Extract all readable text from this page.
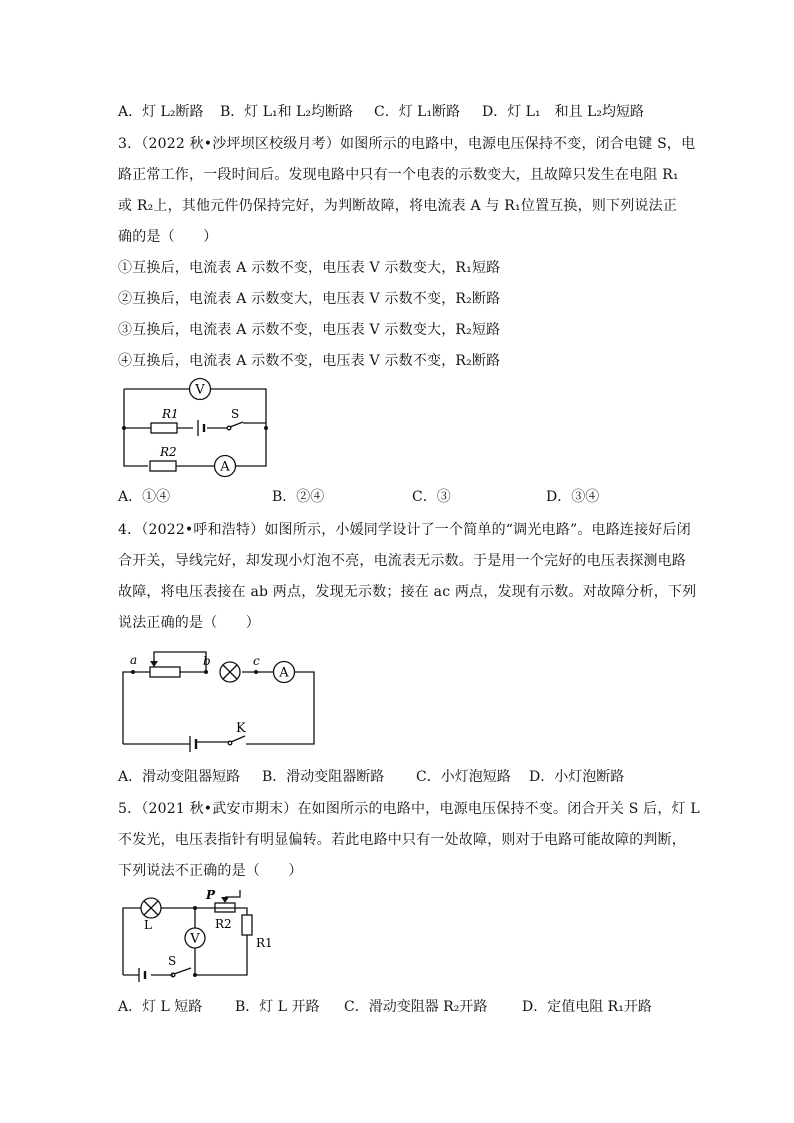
A．灯 L₂断路 B．灯 L₁和 L₂均断路 C．灯 L₁断路 D．灯 L₁　和且 L₂均短路
3．（2022 秋•沙坪坝区校级月考）如图所示的电路中，电源电压保持不变，闭合电键 S，电
路正常工作，一段时间后。发现电路中只有一个电表的示数变大，且故障只发生在电阻 R₁
或 R₂上，其他元件仍保持完好，为判断故障，将电流表 A 与 R₁位置互换，则下列说法正
确的是（　　）
①互换后，电流表 A 示数不变，电压表 V 示数变大，R₁短路
②互换后，电流表 A 示数变大，电压表 V 示数不变，R₂断路
③互换后，电流表 A 示数不变，电压表 V 示数变大，R₂短路
④互换后，电流表 A 示数不变，电压表 V 示数不变，R₂断路
V
R1	S
R2
A
A．①④	B．②④	C．③	D．③④
4．（2022•呼和浩特）如图所示，小媛同学设计了一个简单的“调光电路”。电路连接好后闭
合开关，导线完好，却发现小灯泡不亮，电流表无示数。于是用一个完好的电压表探测电路
故障，将电压表接在 ab 两点，发现无示数；接在 ac 两点，发现有示数。对故障分析，下列
说法正确的是（　　）
a	b	c
A
K
A．滑动变阻器短路 B．滑动变阻器断路 C．小灯泡短路 D．小灯泡断路
5．（2021 秋•武安市期末）在如图所示的电路中，电源电压保持不变。闭合开关 S 后，灯 L
不发光，电压表指针有明显偏转。若此电路中只有一处故障，则对于电路可能故障的判断，
下列说法不正确的是（　　）
L
P
R2
R1
V
S
A．灯 L 短路 B．灯 L 开路 C．滑动变阻器 R₂开路 D．定值电阻 R₁开路
